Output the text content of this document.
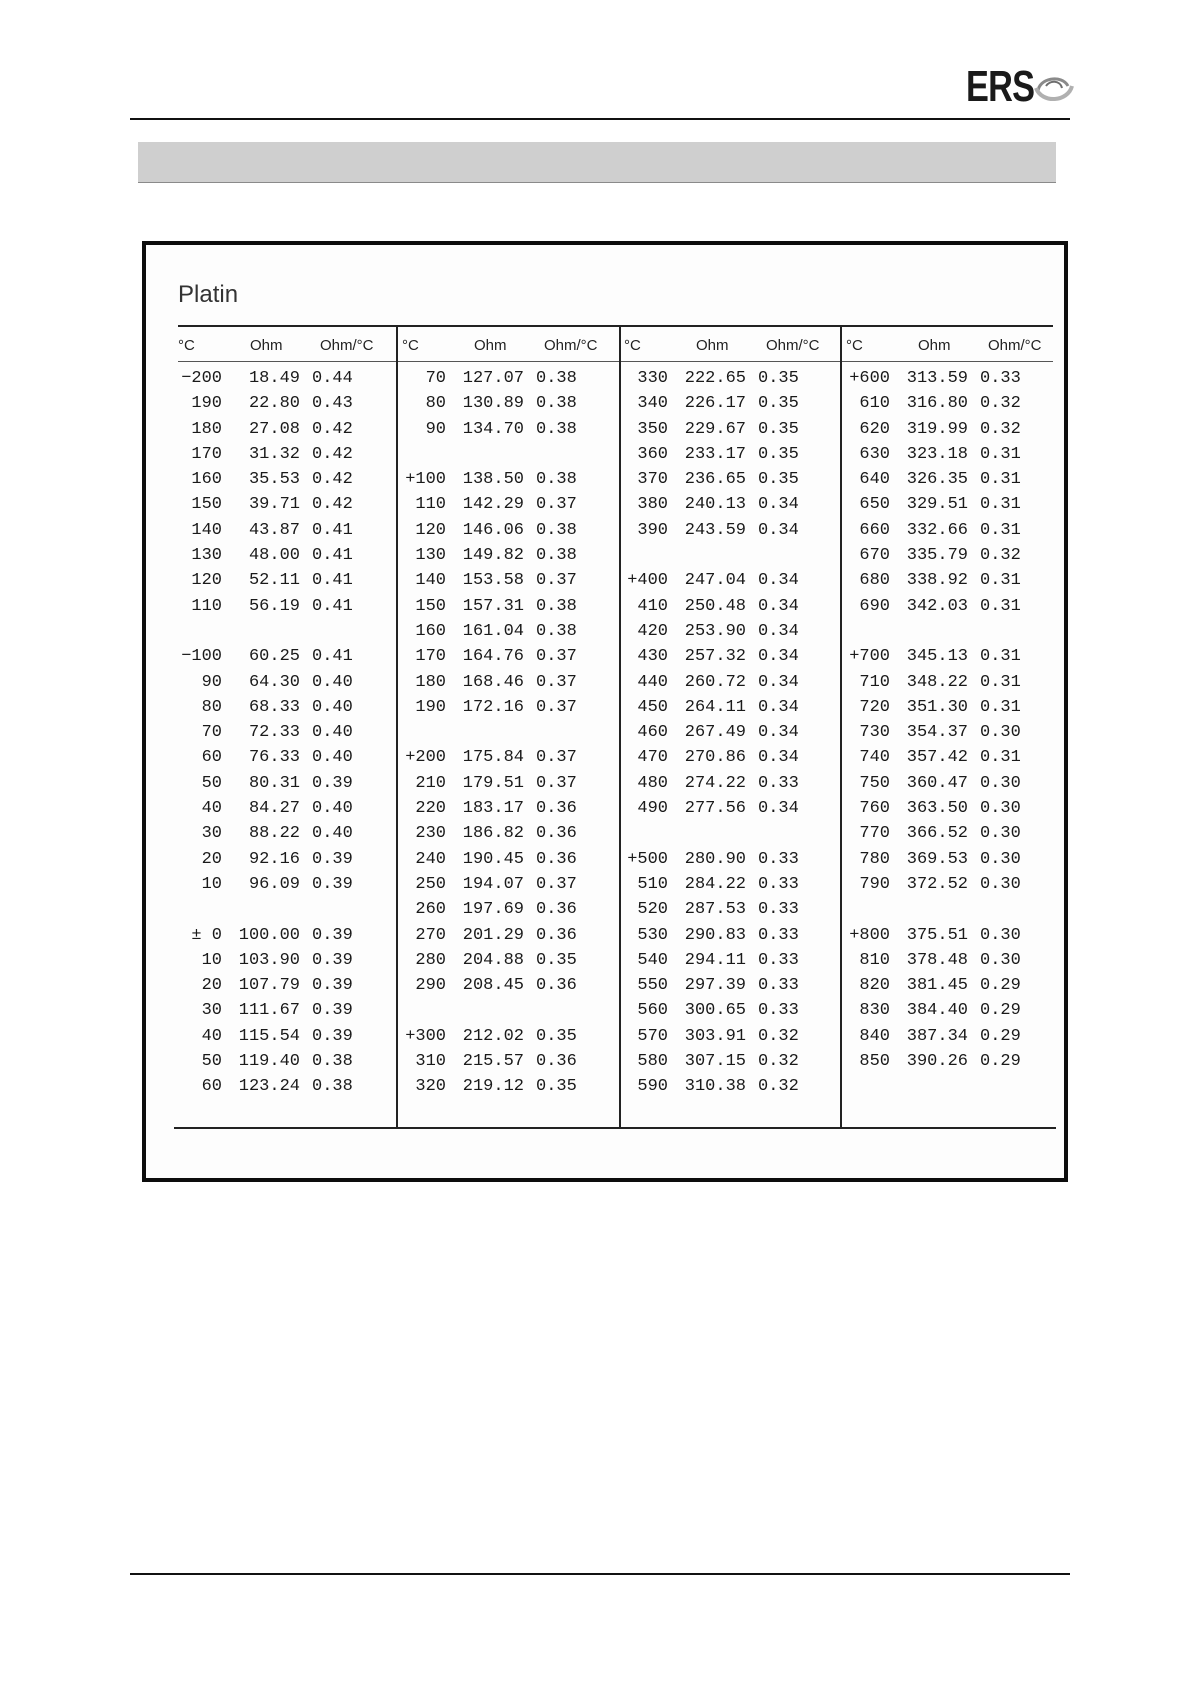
ERS
Platin
°C	Ohm Ohm/°C
−200	18.49 0.44
190	22.80 0.43
180	27.08 0.42
170	31.32 0.42
160	35.53 0.42
150	39.71 0.42
140	43.87 0.41
130	48.00 0.41
120	52.11 0.41
110	56.19 0.41
−100	60.25 0.41
90	64.30 0.40
80	68.33 0.40
70	72.33 0.40
60	76.33 0.40
50	80.31 0.39
40	84.27 0.40
30	88.22 0.40
20	92.16 0.39
10	96.09 0.39
± 0 100.00 0.39
10 103.90 0.39
20 107.79 0.39
30 111.67 0.39
40 115.54 0.39
50 119.40 0.38
60 123.24 0.38
°C	Ohm Ohm/°C
70 127.07 0.38
80 130.89 0.38
90 134.70 0.38
+100 138.50 0.38
110 142.29 0.37
120 146.06 0.38
130 149.82 0.38
140 153.58 0.37
150 157.31 0.38
160 161.04 0.38
170 164.76 0.37
180 168.46 0.37
190 172.16 0.37
+200 175.84 0.37
210 179.51 0.37
220 183.17 0.36
230 186.82 0.36
240 190.45 0.36
250 194.07 0.37
260 197.69 0.36
270 201.29 0.36
280 204.88 0.35
290 208.45 0.36
+300 212.02 0.35
310 215.57 0.36
320 219.12 0.35
°C	Ohm Ohm/°C
330 222.65 0.35
340 226.17 0.35
350 229.67 0.35
360 233.17 0.35
370 236.65 0.35
380 240.13 0.34
390 243.59 0.34
+400 247.04 0.34
410 250.48 0.34
420 253.90 0.34
430 257.32 0.34
440 260.72 0.34
450 264.11 0.34
460 267.49 0.34
470 270.86 0.34
480 274.22 0.33
490 277.56 0.34
+500 280.90 0.33
510 284.22 0.33
520 287.53 0.33
530 290.83 0.33
540 294.11 0.33
550 297.39 0.33
560 300.65 0.33
570 303.91 0.32
580 307.15 0.32
590 310.38 0.32
°C	Ohm Ohm/°C
+600 313.59 0.33
610 316.80 0.32
620 319.99 0.32
630 323.18 0.31
640 326.35 0.31
650 329.51 0.31
660 332.66 0.31
670 335.79 0.32
680 338.92 0.31
690 342.03 0.31
+700 345.13 0.31
710 348.22 0.31
720 351.30 0.31
730 354.37 0.30
740 357.42 0.31
750 360.47 0.30
760 363.50 0.30
770 366.52 0.30
780 369.53 0.30
790 372.52 0.30
+800 375.51 0.30
810 378.48 0.30
820 381.45 0.29
830 384.40 0.29
840 387.34 0.29
850 390.26 0.29
